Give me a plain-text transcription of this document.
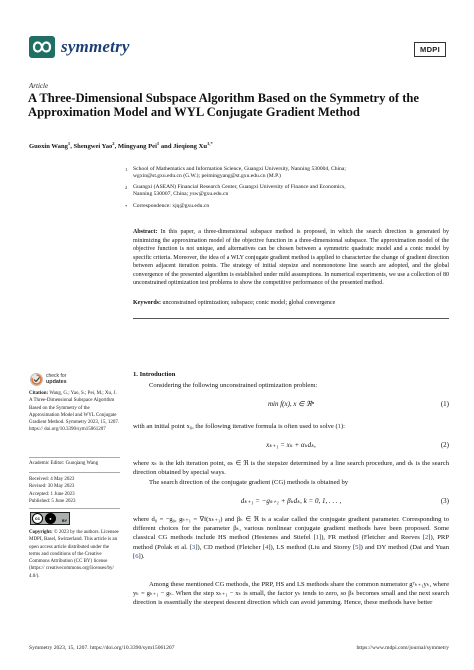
symmetry	MDPI
Article
A Three-Dimensional Subspace Algorithm Based on the Symmetry of the Approximation Model and WYL Conjugate Gradient Method
Guoxin Wang$^1$, Shengwei Yao$^2$, Mingyang Pei$^1$ and Jieqiong $Xu^{1,*}$
1 School of Mathematics and Information Science, Guangxi University, Nanning 530004, China;
wgxin@st.gxu.edu.cn (G.W.); peimingyang@st.gxu.edu.cn (M.P.)
2 Guangxi (ASEAN) Financial Research Center, Guangxi University of Finance and Economics,
Nanning 530007, China; ysw@gxu.edu.cn
* Correspondence: xjq@gxu.edu.cn
Abstract: In this paper, a three-dimensional subspace method is proposed, in which the search direction is generated by minimizing the approximation model of the objective function in a three-dimensional subspace. The approximation model of the objective function is not unique, and alternatives can be chosen between a symmetric quadratic model and a conic model by specific criteria. Moreover, the idea of a WLY conjugate gradient method is applied to characterize the change of gradient direction between adjacent iteration points. The strategy of initial stepsize and nonmonotone line search are adopted, and the global convergence of the presented algorithm is established under mild assumptions. In numerical experiments, we use a collection of 80 unconstrained optimization test problems to show the competitive performance of the presented method.
Keywords: unconstrained optimization; subspace; conic model; global convergence
check for
updates
Citation: Wang, G.; Yao, S.; Pei, M.; Xu, J. A Three-Dimensional Subspace Algorithm Based on the Symmetry of the Approximation Model and WYL Conjugate Gradient Method. Symmetry 2023, 15, 1207. https:// doi.org/10.3390/sym15061207
Academic Editor: Guoqiang Wang
Received: 4 May 2023
Revised: 30 May 2023
Accepted: 1 June 2023
Published: 5 June 2023
cc	●	BY
Copyright: © 2023 by the authors. Licensee MDPI, Basel, Switzerland. This article is an open access article distributed under the terms and conditions of the Creative Commons Attribution (CC BY) license (https:// creativecommons.org/licenses/by/ 4.0/).
1. Introduction
Considering the following unconstrained optimization problem:
min f(x), x ∈ ℜⁿ	(1)
with an initial point x₀, the following iterative formula is often used to solve (1):
xₖ₊₁ = xₖ + αₖdₖ,	(2)
where xₖ is the kth iteration point, αₖ ∈ ℜ is the stepsize determined by a line search procedure, and dₖ is the search direction obtained by special ways.
The search direction of the conjugate gradient (CG) methods is obtained by
dₖ₊₁ = −gₖ₊₁ + βₖdₖ, k = 0, 1, . . . ,	(3)
where d₀ = −g₀, gₖ₊₁ = ∇f(xₖ₊₁) and βₖ ∈ ℜ is a scalar called the conjugate gradient parameter. Corresponding to different choices for the parameter βₖ, various nonlinear conjugate gradient methods have been proposed. Some classical CG methods include HS method (Hestenes and Stiefel [1]), FR method (Fletcher and Reeves [2]), PRP method (Polak et al. [3]), CD method (Fletcher [4]), LS method (Liu and Storey [5]) and DY method (Dai and Yuan [6]).
Among these mentioned CG methods, the PRP, HS and LS methods share the common numerator gᵀₖ₊₁yₖ, where yₖ = gₖ₊₁ − gₖ. When the step xₖ₊₁ − xₖ is small, the factor yₖ tends to zero, so βₖ becomes small and the next search direction is essentially the steepest descent direction which can avoid jamming. Hence, these methods have better
Symmetry 2023, 15, 1207. https://doi.org/10.3390/sym15061207	https://www.mdpi.com/journal/symmetry
